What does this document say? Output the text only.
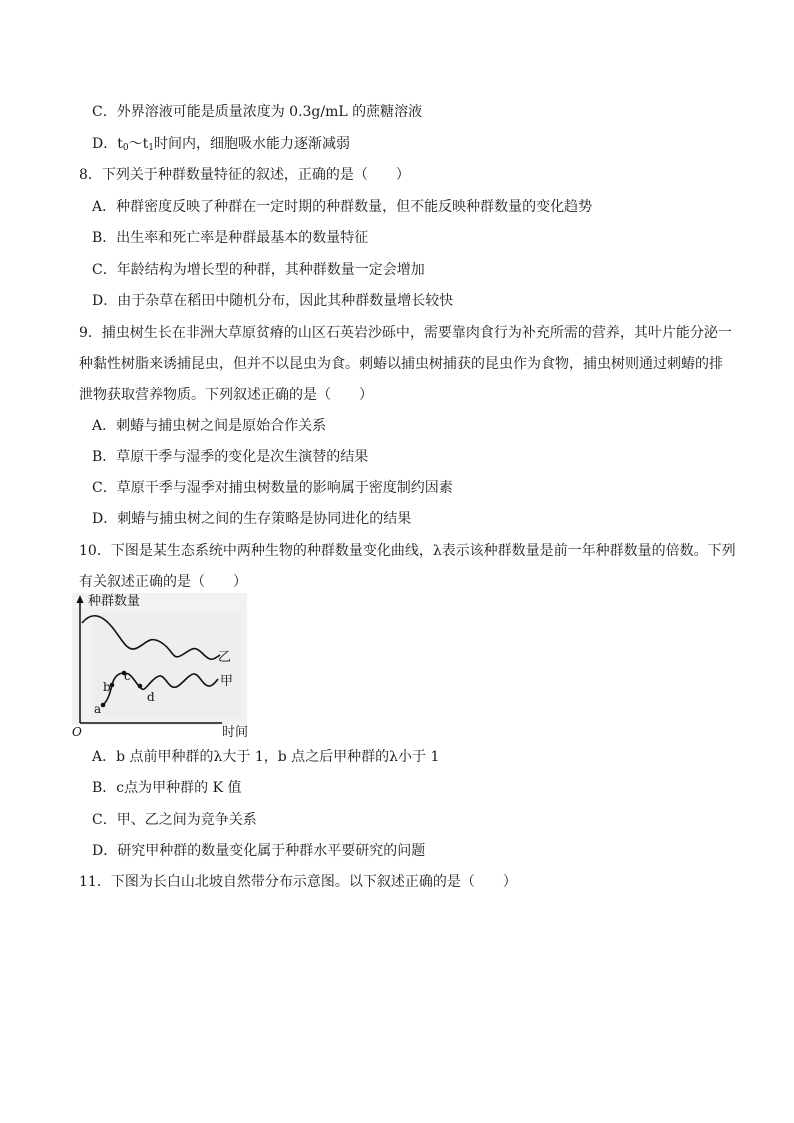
C．外界溶液可能是质量浓度为 0.3g/mL 的蔗糖溶液
D．$t_0\sim t_1$时间内，细胞吸水能力逐渐减弱
8．下列关于种群数量特征的叙述，正确的是（　　）
A．种群密度反映了种群在一定时期的种群数量，但不能反映种群数量的变化趋势
B．出生率和死亡率是种群最基本的数量特征
C．年龄结构为增长型的种群，其种群数量一定会增加
D．由于杂草在稻田中随机分布，因此其种群数量增长较快
9．捕虫树生长在非洲大草原贫瘠的山区石英岩沙砾中，需要靠肉食行为补充所需的营养，其叶片能分泌一
种黏性树脂来诱捕昆虫，但并不以昆虫为食。刺蝽以捕虫树捕获的昆虫作为食物，捕虫树则通过刺蝽的排
泄物获取营养物质。下列叙述正确的是（　　）
A．刺蝽与捕虫树之间是原始合作关系
B．草原干季与湿季的变化是次生演替的结果
C．草原干季与湿季对捕虫树数量的影响属于密度制约因素
D．刺蝽与捕虫树之间的生存策略是协同进化的结果
10．下图是某生态系统中两种生物的种群数量变化曲线，λ表示该种群数量是前一年种群数量的倍数。下列
有关叙述正确的是（　　）
种群数量
时间
O
乙
甲
a
b
c
d
A．b 点前甲种群的λ大于 1，b 点之后甲种群的λ小于 1
B．c点为甲种群的 K 值
C．甲、乙之间为竞争关系
D．研究甲种群的数量变化属于种群水平要研究的问题
11．下图为长白山北坡自然带分布示意图。以下叙述正确的是（　　）
